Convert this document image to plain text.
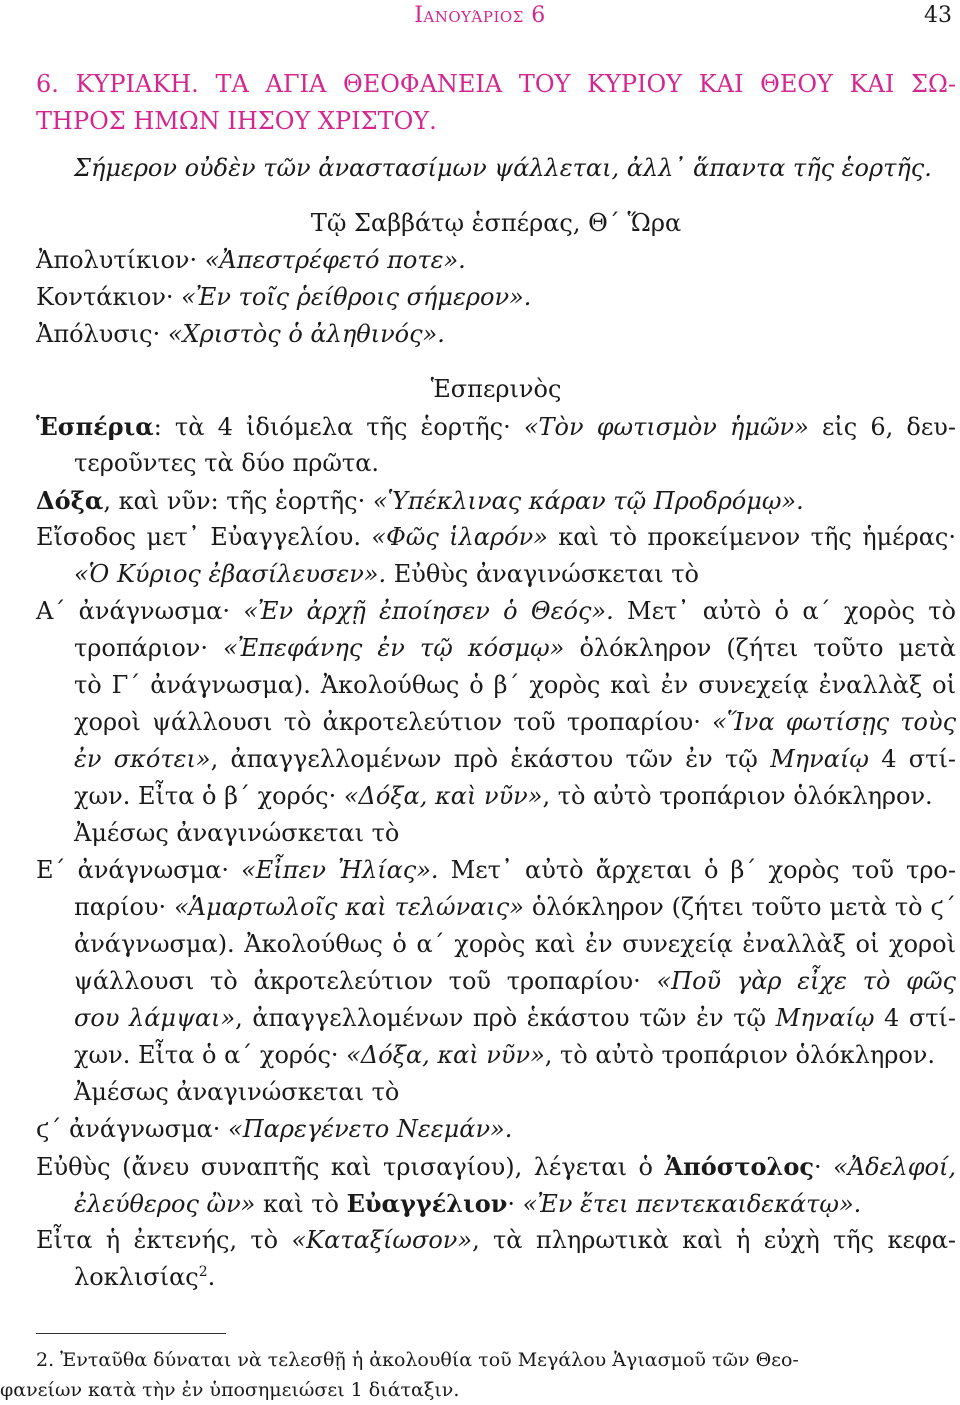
Ιανουάριος 6	43
6. ΚΥΡΙΑΚΗ. ΤΑ ΑΓΙΑ ΘΕΟΦΑΝΕΙΑ ΤΟΥ ΚΥΡΙΟΥ ΚΑΙ ΘΕΟΥ ΚΑΙ ΣΩ-
ΤΗΡΟΣ ΗΜΩΝ ΙΗΣΟΥ ΧΡΙΣΤΟΥ.
Σήμερον οὐδὲν τῶν ἀναστασίμων ψάλλεται, ἀλλ᾽ ἅπαντα τῆς ἑορτῆς.
Τῷ Σαββάτῳ ἑσπέρας, Θ΄ Ὥρα
Ἀπολυτίκιον· «Ἀπεστρέφετό ποτε».
Κοντάκιον· «Ἐν τοῖς ῥείθροις σήμερον».
Ἀπόλυσις· «Χριστὸς ὁ ἀληθινός».
Ἑσπερινὸς
Ἑσπέρια: τὰ 4 ἰδιόμελα τῆς ἑορτῆς· «Τὸν φωτισμὸν ἡμῶν» εἰς 6, δευ-
τεροῦντες τὰ δύο πρῶτα.
Δόξα, καὶ νῦν: τῆς ἑορτῆς· «Ὑπέκλινας κάραν τῷ Προδρόμῳ».
Εἴσοδος μετ᾽ Εὐαγγελίου. «Φῶς ἱλαρόν» καὶ τὸ προκείμενον τῆς ἡμέρας·
«Ὁ Κύριος ἐβασίλευσεν». Εὐθὺς ἀναγινώσκεται τὸ
Α΄ ἀνάγνωσμα· «Ἐν ἀρχῇ ἐποίησεν ὁ Θεός». Μετ᾽ αὐτὸ ὁ α΄ χορὸς τὸ
τροπάριον· «Ἐπεφάνης ἐν τῷ κόσμῳ» ὁλόκληρον (ζήτει τοῦτο μετὰ
τὸ Γ΄ ἀνάγνωσμα). Ἀκολούθως ὁ β΄ χορὸς καὶ ἐν συνεχείᾳ ἐναλλὰξ οἱ
χοροὶ ψάλλουσι τὸ ἀκροτελεύτιον τοῦ τροπαρίου· «Ἵνα φωτίσῃς τοὺς
ἐν σκότει», ἀπαγγελλομένων πρὸ ἑκάστου τῶν ἐν τῷ Μηναίῳ 4 στί-
χων. Εἶτα ὁ β΄ χορός· «Δόξα, καὶ νῦν», τὸ αὐτὸ τροπάριον ὁλόκληρον.
Ἀμέσως ἀναγινώσκεται τὸ
Ε΄ ἀνάγνωσμα· «Εἶπεν Ἠλίας». Μετ᾽ αὐτὸ ἄρχεται ὁ β΄ χορὸς τοῦ τρο-
παρίου· «Ἁμαρτωλοῖς καὶ τελώναις» ὁλόκληρον (ζήτει τοῦτο μετὰ τὸ ϛ΄
ἀνάγνωσμα). Ἀκολούθως ὁ α΄ χορὸς καὶ ἐν συνεχείᾳ ἐναλλὰξ οἱ χοροὶ
ψάλλουσι τὸ ἀκροτελεύτιον τοῦ τροπαρίου· «Ποῦ γὰρ εἶχε τὸ φῶς
σου λάμψαι», ἀπαγγελλομένων πρὸ ἑκάστου τῶν ἐν τῷ Μηναίῳ 4 στί-
χων. Εἶτα ὁ α΄ χορός· «Δόξα, καὶ νῦν», τὸ αὐτὸ τροπάριον ὁλόκληρον.
Ἀμέσως ἀναγινώσκεται τὸ
ϛ΄ ἀνάγνωσμα· «Παρεγένετο Νεεμάν».
Εὐθὺς (ἄνευ συναπτῆς καὶ τρισαγίου), λέγεται ὁ Ἀπόστολος· «Ἀδελφοί,
ἐλεύθερος ὢν» καὶ τὸ Εὐαγγέλιον· «Ἐν ἔτει πεντεκαιδεκάτῳ».
Εἶτα ἡ ἐκτενής, τὸ «Καταξίωσον», τὰ πληρωτικὰ καὶ ἡ εὐχὴ τῆς κεφα-
λοκλισίας$^2$.
2. Ἐνταῦθα δύναται νὰ τελεσθῇ ἡ ἀκολουθία τοῦ Μεγάλου Ἁγιασμοῦ τῶν Θεο-
φανείων κατὰ τὴν ἐν ὑποσημειώσει 1 διάταξιν.
